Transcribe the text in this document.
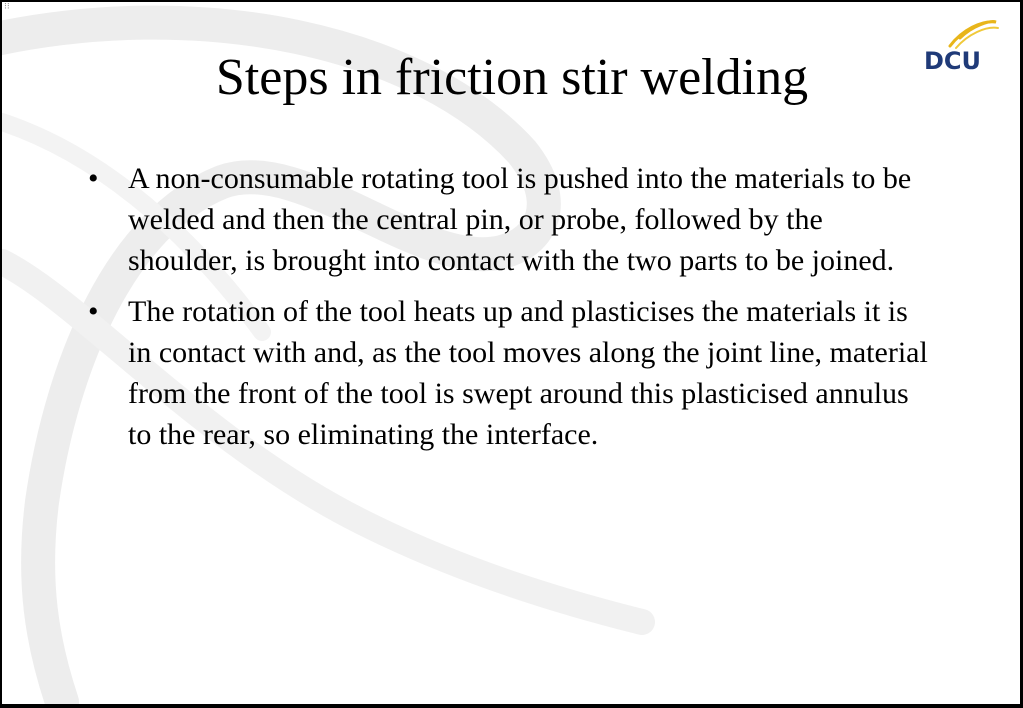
⁝⁝
DCU
Steps in friction stir welding
• A non-consumable rotating tool is pushed into the materials to be welded and then the central pin, or probe, followed by the shoulder, is brought into contact with the two parts to be joined.
• The rotation of the tool heats up and plasticises the materials it is in contact with and, as the tool moves along the joint line, material from the front of the tool is swept around this plasticised annulus to the rear, so eliminating the interface.
